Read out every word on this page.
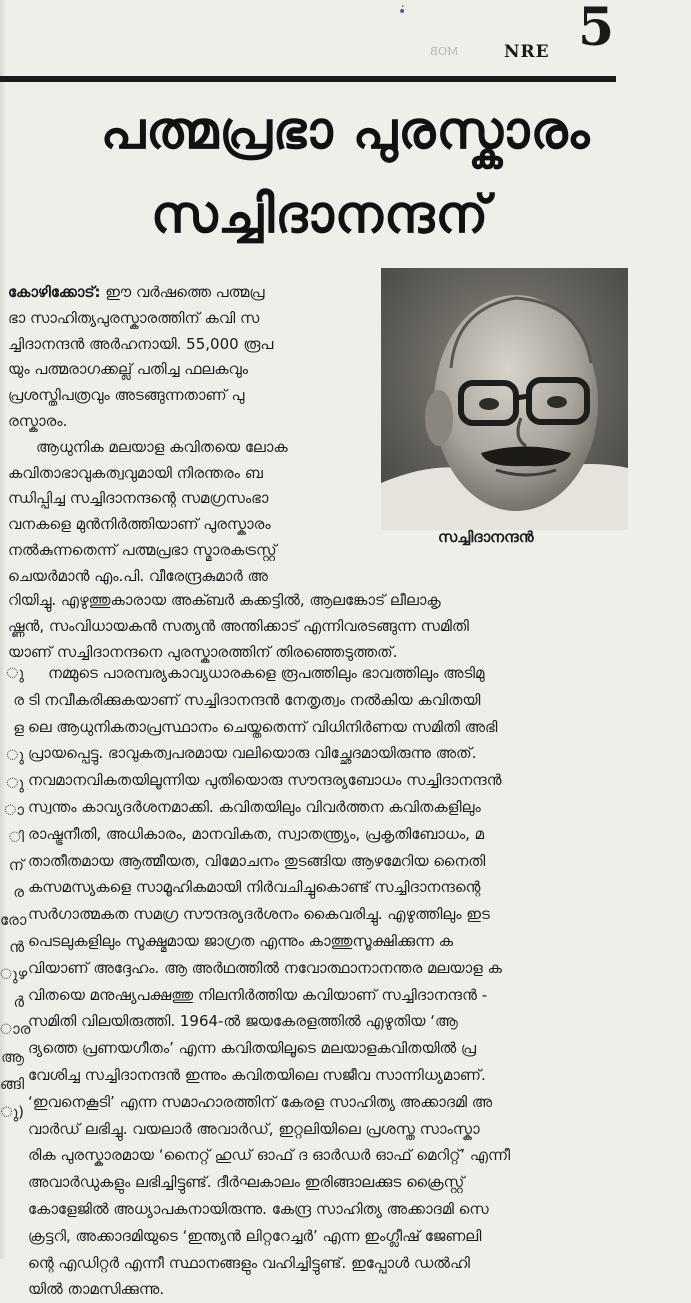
•̇
MOB	NRE 5
പത്മപ്രഭാ പുരസ്കാരം
സച്ചിദാനന്ദന്
സച്ചിദാനന്ദൻ

കോഴിക്കോട്: ഈ വർഷത്തെ പത്മപ്ര
ഭാ സാഹിത്യപുരസ്കാരത്തിന് കവി സ
ച്ചിദാനന്ദൻ അർഹനായി. 55,000 രൂപ
യും പത്മരാഗക്കല്ല് പതിച്ച ഫലകവും
പ്രശസ്തിപത്രവും അടങ്ങുന്നതാണ് പു
രസ്കാരം.

ആധുനിക മലയാള കവിതയെ ലോക
കവിതാഭാവുകത്വവുമായി നിരന്തരം ബ
ന്ധിപ്പിച്ച സച്ചിദാനന്ദന്റെ സമഗ്രസംഭാ
വനകളെ മുൻനിർത്തിയാണ് പുരസ്കാരം
നൽകുന്നതെന്ന് പത്മപ്രഭാ സ്മാരകട്രസ്റ്റ്
ചെയർമാൻ എം.പി. വീരേന്ദ്രകുമാർ അ

റിയിച്ചു. എഴുത്തുകാരായ അക്ബർ കക്കട്ടിൽ, ആലങ്കോട് ലീലാകൃ
ഷ്ണൻ, സംവിധായകൻ സത്യൻ അന്തിക്കാട് എന്നിവരടങ്ങുന്ന സമിതി
യാണ് സച്ചിദാനന്ദനെ പുരസ്കാരത്തിന് തിരഞ്ഞെടുത്തത്.
ു
ര
ള
ു
ു
ാ
ി
ന്
ര
രോ
ൻ
ുഴ
ർ
ാര
ആ
ങ്ങി
ു)
നമ്മുടെ പാരമ്പര്യകാവ്യധാരകളെ രൂപത്തിലും ഭാവത്തിലും അടിമു
ടി നവീകരിക്കുകയാണ് സച്ചിദാനന്ദൻ നേതൃത്വം നൽകിയ കവിതയി
ലെ ആധുനികതാപ്രസ്ഥാനം ചെയ്തതെന്ന് വിധിനിർണയ സമിതി അഭി
പ്രായപ്പെട്ടു. ഭാവുകത്വപരമായ വലിയൊരു വിച്ഛേദമായിരുന്നു അത്.
നവമാനവികതയിലൂന്നിയ പുതിയൊരു സൗന്ദര്യബോധം സച്ചിദാനന്ദൻ
സ്വന്തം കാവ്യദർശനമാക്കി. കവിതയിലും വിവർത്തന കവിതകളിലും
രാഷ്ട്രനീതി, അധികാരം, മാനവികത, സ്വാതന്ത്ര്യം, പ്രകൃതിബോധം, മ
താതീതമായ ആത്മീയത, വിമോചനം തുടങ്ങിയ ആഴമേറിയ നൈതി
കസമസ്യകളെ സാമൂഹികമായി നിർവചിച്ചുകൊണ്ട് സച്ചിദാനന്ദന്റെ
സർഗാത്മകത സമഗ്ര സൗന്ദര്യദർശനം കൈവരിച്ചു. എഴുത്തിലും ഇട
പെടലുകളിലും സൂക്ഷ്മമായ ജാഗ്രത എന്നും കാത്തുസൂക്ഷിക്കുന്ന ക
വിയാണ് അദ്ദേഹം. ആ അർഥത്തിൽ നവോത്ഥാനാനന്തര മലയാള ക
വിതയെ മനുഷ്യപക്ഷത്തു നിലനിർത്തിയ കവിയാണ് സച്ചിദാനന്ദൻ -
സമിതി വിലയിരുത്തി. 1964-ൽ ജയകേരളത്തിൽ എഴുതിയ ‘ആ
ദ്യത്തെ പ്രണയഗീതം’ എന്ന കവിതയിലൂടെ മലയാളകവിതയിൽ പ്ര
വേശിച്ച സച്ചിദാനന്ദൻ ഇന്നും കവിതയിലെ സജീവ സാന്നിധ്യമാണ്.
‘ഇവനെകൂടി’ എന്ന സമാഹാരത്തിന് കേരള സാഹിത്യ അക്കാദമി അ
വാർഡ് ലഭിച്ചു. വയലാർ അവാർഡ്, ഇറ്റലിയിലെ പ്രശസ്ത സാംസ്കാ
രിക പുരസ്കാരമായ ‘നൈറ്റ് ഹുഡ് ഓഫ് ദ ഓർഡർ ഓഫ് മെറിറ്റ്’ എന്നീ
അവാർഡുകളും ലഭിച്ചിട്ടുണ്ട്. ദീർഘകാലം ഇരിങ്ങാലക്കുട ക്രൈസ്റ്റ്
കോളേജിൽ അധ്യാപകനായിരുന്നു. കേന്ദ്ര സാഹിത്യ അക്കാദമി സെ
ക്രട്ടറി, അക്കാദമിയുടെ ‘ഇന്ത്യൻ ലിറ്ററേച്ചർ’ എന്ന ഇംഗ്ലീഷ് ജേണലി
ന്റെ എഡിറ്റർ എന്നീ സ്ഥാനങ്ങളും വഹിച്ചിട്ടുണ്ട്. ഇപ്പോൾ ഡൽഹി
യിൽ താമസിക്കുന്നു.
